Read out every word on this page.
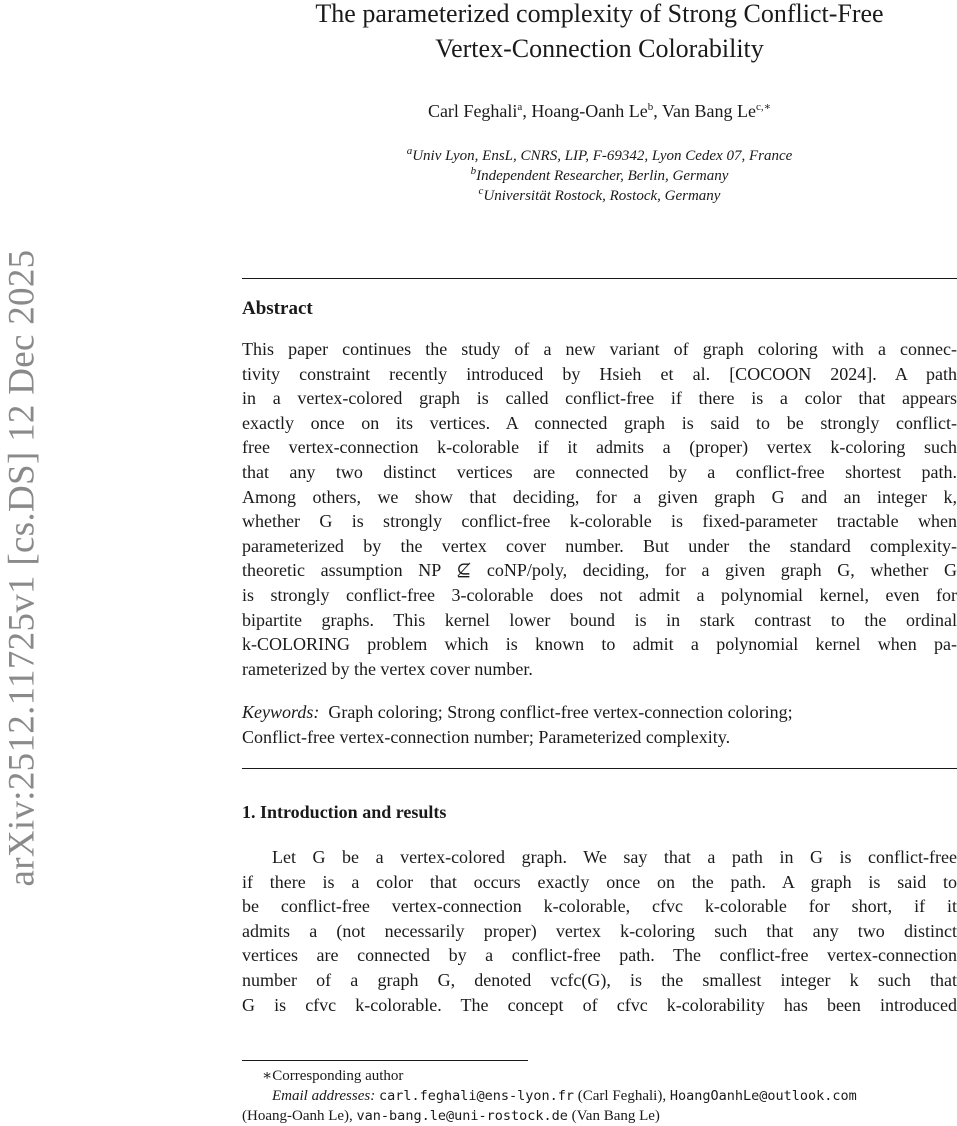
arXiv:2512.11725v1 [cs.DS] 12 Dec 2025
The parameterized complexity of Strong Conflict-Free
Vertex-Connection Colorability
Carl Feghali$^a$, Hoang-Oanh Le$^b$, Van Bang $Le^{c,∗}$
$^a$Univ Lyon, EnsL, CNRS, LIP, F-69342, Lyon Cedex 07, France
$^b$Independent Researcher, Berlin, Germany
$^c$Universität Rostock, Rostock, Germany
Abstract
This paper continues the study of a new variant of graph coloring with a connec-
tivity constraint recently introduced by Hsieh et al. [COCOON 2024]. A path
in a vertex-colored graph is called conflict-free if there is a color that appears
exactly once on its vertices. A connected graph is said to be strongly conflict-
free vertex-connection k-colorable if it admits a (proper) vertex k-coloring such
that any two distinct vertices are connected by a conflict-free shortest path.
Among others, we show that deciding, for a given graph G and an integer k,
whether G is strongly conflict-free k-colorable is fixed-parameter tractable when
parameterized by the vertex cover number. But under the standard complexity-
theoretic assumption NP ⊈ coNP/poly, deciding, for a given graph G, whether G
is strongly conflict-free 3-colorable does not admit a polynomial kernel, even for
bipartite graphs. This kernel lower bound is in stark contrast to the ordinal
k-COLORING problem which is known to admit a polynomial kernel when pa-
rameterized by the vertex cover number.
Keywords: Graph coloring; Strong conflict-free vertex-connection coloring;
Conflict-free vertex-connection number; Parameterized complexity.
1. Introduction and results
Let G be a vertex-colored graph. We say that a path in G is conflict-free
if there is a color that occurs exactly once on the path. A graph is said to
be conflict-free vertex-connection k-colorable, cfvc k-colorable for short, if it
admits a (not necessarily proper) vertex k-coloring such that any two distinct
vertices are connected by a conflict-free path. The conflict-free vertex-connection
number of a graph G, denoted vcfc(G), is the smallest integer k such that
G is cfvc k-colorable. The concept of cfvc k-colorability has been introduced
∗Corresponding author
Email addresses: carl.feghali@ens-lyon.fr (Carl Feghali), HoangOanhLe@outlook.com
(Hoang-Oanh Le), van-bang.le@uni-rostock.de (Van Bang Le)
